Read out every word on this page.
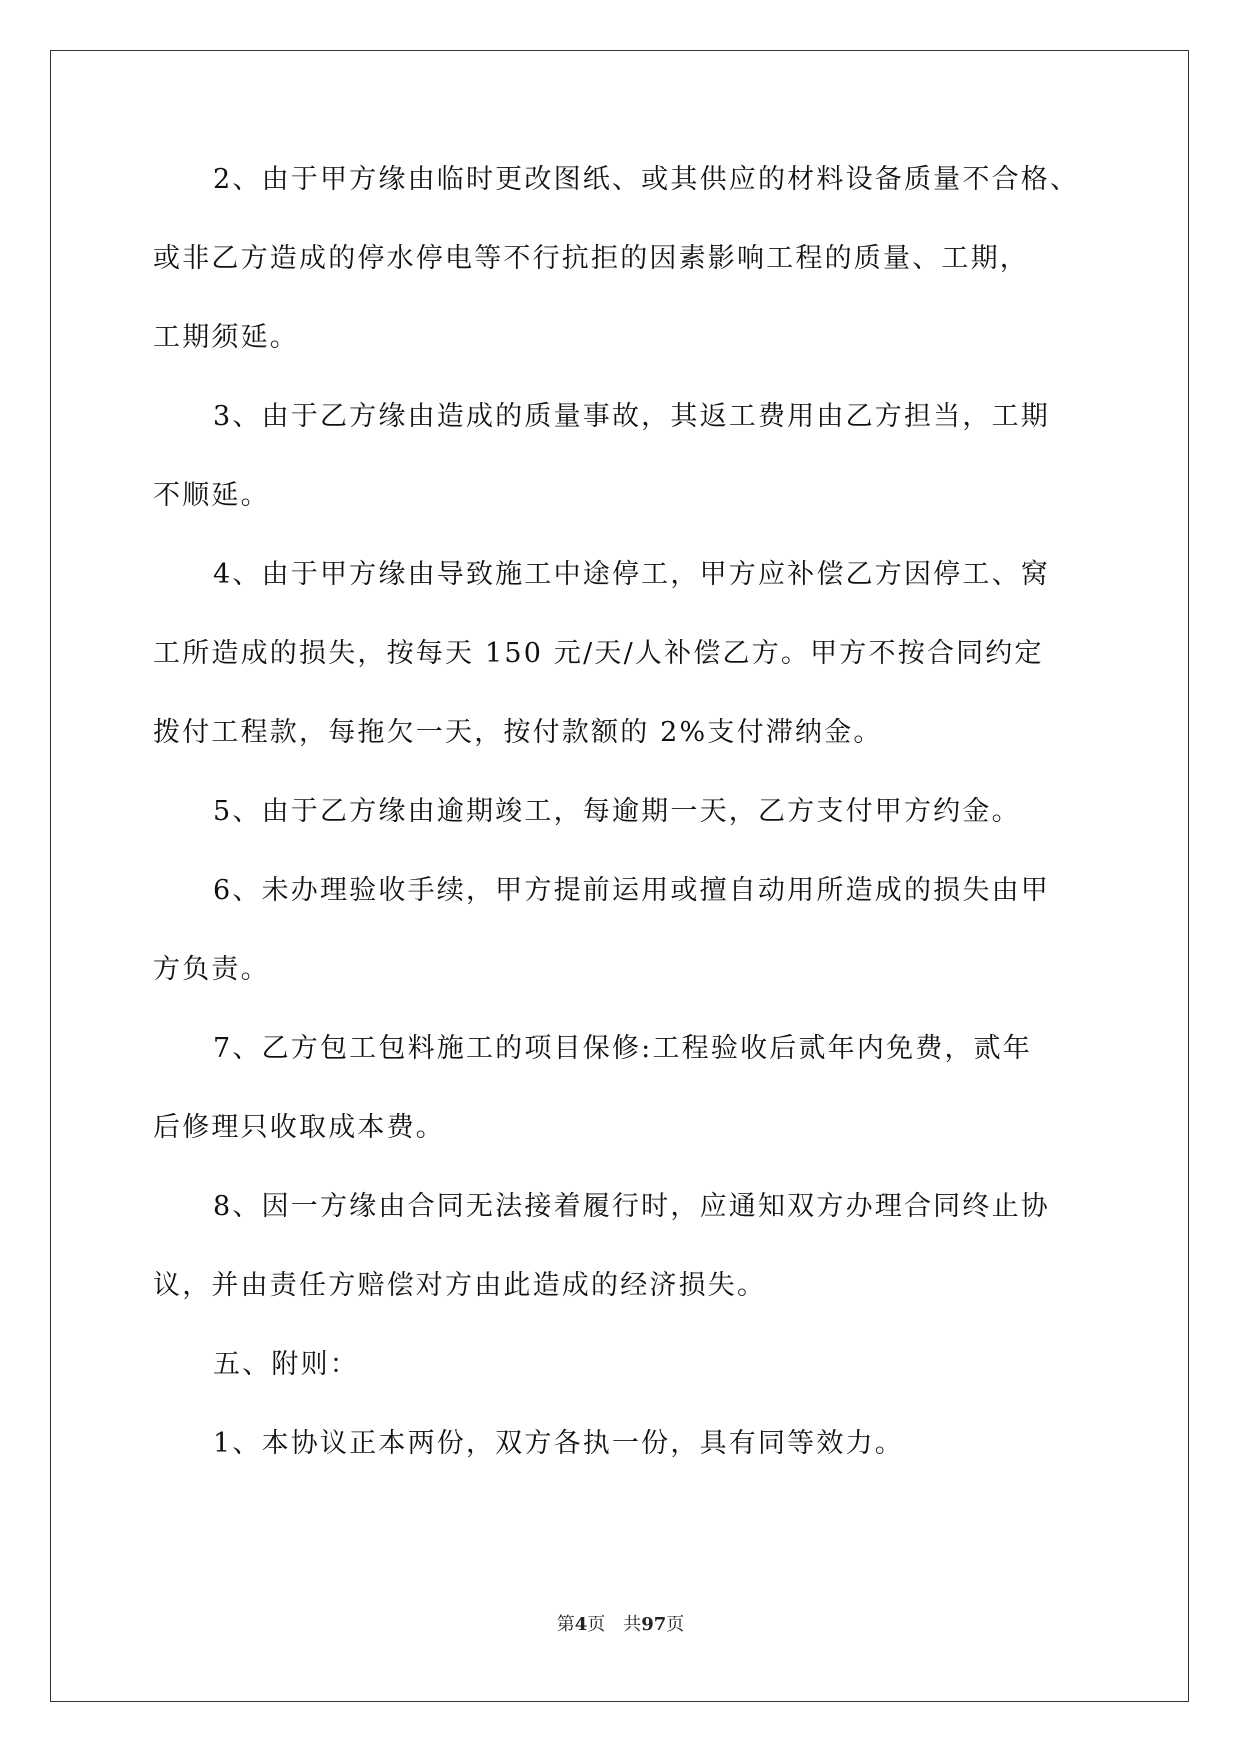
2、由于甲方缘由临时更改图纸、或其供应的材料设备质量不合格、
或非乙方造成的停水停电等不行抗拒的因素影响工程的质量、工期，
工期须延。
3、由于乙方缘由造成的质量事故，其返工费用由乙方担当，工期
不顺延。
4、由于甲方缘由导致施工中途停工，甲方应补偿乙方因停工、窝
工所造成的损失，按每天 150 元/天/人补偿乙方。甲方不按合同约定
拨付工程款，每拖欠一天，按付款额的 2%支付滞纳金。
5、由于乙方缘由逾期竣工，每逾期一天，乙方支付甲方约金。
6、未办理验收手续，甲方提前运用或擅自动用所造成的损失由甲
方负责。
7、乙方包工包料施工的项目保修:工程验收后贰年内免费，贰年
后修理只收取成本费。
8、因一方缘由合同无法接着履行时，应通知双方办理合同终止协
议，并由责任方赔偿对方由此造成的经济损失。
五、附则：
1、本协议正本两份，双方各执一份，具有同等效力。
第4页 共97页
